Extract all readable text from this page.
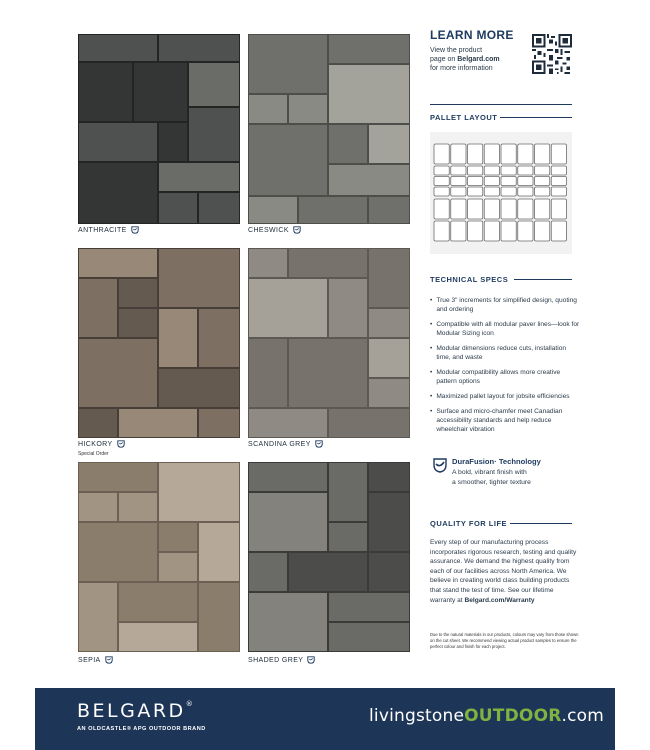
ANTHRACITE	CHESWICK
HICKORY
Special Order
SCANDINA GREY
SEPIA	SHADED GREY
LEARN MORE
View the product
page on Belgard.com
for more information
PALLET LAYOUT
TECHNICAL SPECS
• True 3" increments for simplified design, quoting and ordering
• Compatible with all modular paver lines—look for Modular Sizing icon
• Modular dimensions reduce cuts, installation time, and waste
• Modular compatibility allows more creative pattern options
• Maximized pallet layout for jobsite efficiencies
• Surface and micro-chamfer meet Canadian accessibility standards and help reduce wheelchair vibration
DuraFusion· Technology
A bold, vibrant finish with
a smoother, tighter texture
QUALITY FOR LIFE
Every step of our manufacturing process incorporates rigorous research, testing and quality assurance. We demand the highest quality from each of our facilities across North America. We believe in creating world class building products that stand the test of time. See our lifetime warranty at Belgard.com/Warranty
Due to the natural materials in our products, colours may vary from those shown on the cut sheet. We recommend viewing actual product samples to ensure the perfect colour and finish for each project.
BELGARD®
AN OLDCASTLE® APG OUTDOOR BRAND
livingstoneOUTDOOR.com
